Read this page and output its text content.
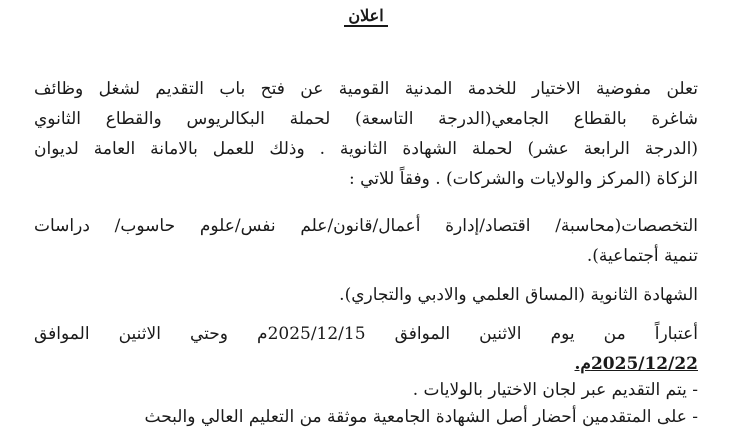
اعلان
تعلن مفوضية الاختيار للخدمة المدنية القومية عن فتح باب التقديم لشغل وظائف
شاغرة بالقطاع الجامعي(الدرجة التاسعة) لحملة البكالريوس والقطاع الثانوي
(الدرجة الرابعة عشر) لحملة الشهادة الثانوية . وذلك للعمل بالامانة العامة لديوان
الزكاة (المركز والولايات والشركات) . وفقاً للاتي :
التخصصات(محاسبة/ اقتصاد/إدارة أعمال/قانون/علم نفس/علوم حاسوب/ دراسات
تنمية أجتماعية).
الشهادة الثانوية (المساق العلمي والادبي والتجاري).
أعتباراً من يوم الاثنين الموافق 2025/12/15م وحتي الاثنين الموافق
2025/12/22م.
- يتم التقديم عبر لجان الاختيار بالولايات .
- على المتقدمين أحضار أصل الشهادة الجامعية موثقة من التعليم العالي والبحث
